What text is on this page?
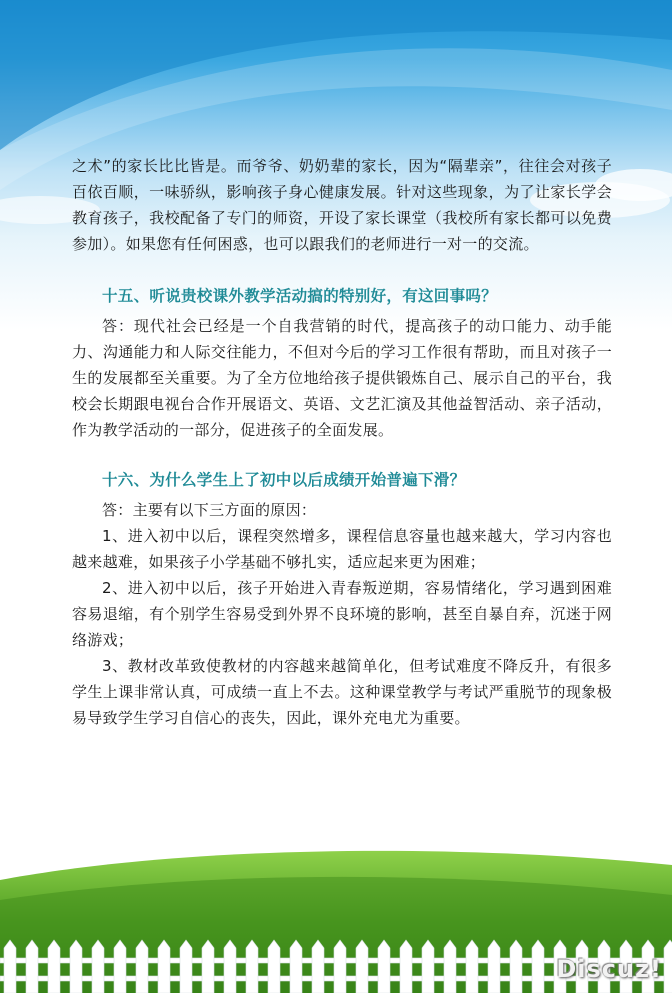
之术”的家长比比皆是。而爷爷、奶奶辈的家长，因为“隔辈亲”，往往会对孩子百依百顺，一味骄纵，影响孩子身心健康发展。针对这些现象，为了让家长学会教育孩子，我校配备了专门的师资，开设了家长课堂（我校所有家长都可以免费参加）。如果您有任何困惑，也可以跟我们的老师进行一对一的交流。

十五、听说贵校课外教学活动搞的特别好，有这回事吗？

答：现代社会已经是一个自我营销的时代，提高孩子的动口能力、动手能力、沟通能力和人际交往能力，不但对今后的学习工作很有帮助，而且对孩子一生的发展都至关重要。为了全方位地给孩子提供锻炼自己、展示自己的平台，我校会长期跟电视台合作开展语文、英语、文艺汇演及其他益智活动、亲子活动，作为教学活动的一部分，促进孩子的全面发展。

十六、为什么学生上了初中以后成绩开始普遍下滑？

答：主要有以下三方面的原因：

1、进入初中以后，课程突然增多，课程信息容量也越来越大，学习内容也越来越难，如果孩子小学基础不够扎实，适应起来更为困难；

2、进入初中以后，孩子开始进入青春叛逆期，容易情绪化，学习遇到困难容易退缩，有个别学生容易受到外界不良环境的影响，甚至自暴自弃，沉迷于网络游戏；

3、教材改革致使教材的内容越来越简单化，但考试难度不降反升，有很多学生上课非常认真，可成绩一直上不去。这种课堂教学与考试严重脱节的现象极易导致学生学习自信心的丧失，因此，课外充电尤为重要。

Discuz!
